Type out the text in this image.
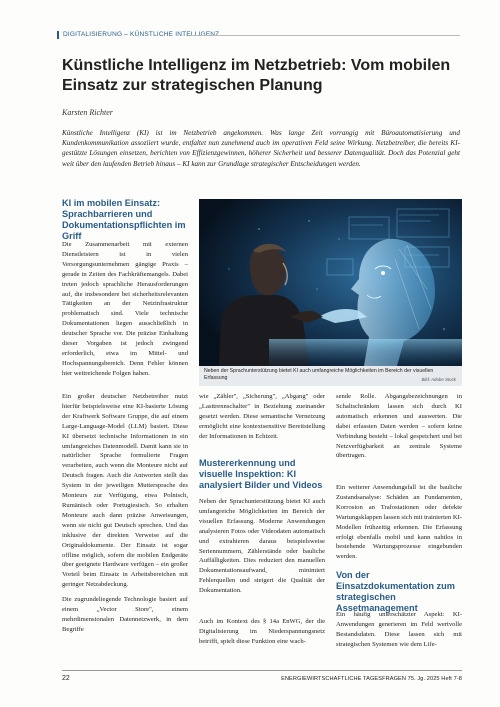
DIGITALISIERUNG – KÜNSTLICHE INTELLIGENZ
Künstliche Intelligenz im Netzbetrieb: Vom mobilen Einsatz zur strategischen Planung
Karsten Richter

Künstliche Intelligenz (KI) ist im Netzbetrieb angekommen. Was lange Zeit vorrangig mit Büroautomatisierung und Kundenkommunikation assoziiert wurde, entfaltet nun zunehmend auch im operativen Feld seine Wirkung. Netzbetreiber, die bereits KI-gestützte Lösungen einsetzen, berichten von Effizienzgewinnen, höherer Sicherheit und besserer Datenqualität. Doch das Potenzial geht weit über den laufenden Betrieb hinaus – KI kann zur Grundlage strategischer Entscheidungen werden.

KI im mobilen Einsatz: Sprachbarrieren und Dokumentationspflichten im Griff

Die Zusammenarbeit mit externen Dienstleistern ist in vielen Versorgungsunternehmen gängige Praxis – gerade in Zeiten des Fachkräftemangels. Dabei treten jedoch sprachliche Herausforderungen auf, die insbesondere bei sicherheitsrelevanten Tätigkeiten an der Netzinfrastruktur problematisch sind. Viele technische Dokumentationen liegen ausschließlich in deutscher Sprache vor. Die präzise Einhaltung dieser Vorgaben ist jedoch zwingend erforderlich, etwa im Mittel- und Hochspannungsbereich. Denn Fehler können hier weitreichende Folgen haben.

Ein großer deutscher Netzbetreiber nutzt hierfür beispielsweise eine KI-basierte Lösung der Kraftwerk Software Gruppe, die auf einem Large-Language-Model (LLM) basiert. Diese KI übersetzt technische Informationen in ein umfangreiches Datenmodell. Damit kann sie in natürlicher Sprache formulierte Fragen verarbeiten, auch wenn die Monteure nicht auf Deutsch fragen. Auch die Antworten stellt das System in der jeweiligen Muttersprache des Monteurs zur Verfügung, etwa Polnisch, Rumänisch oder Portugiesisch. So erhalten Monteure auch dann präzise Anweisungen, wenn sie nicht gut Deutsch sprechen. Und das inklusive der direkten Verweise auf die Originaldokumente. Der Einsatz ist sogar offline möglich, sofern die mobilen Endgeräte über geeignete Hardware verfügen – ein großer Vorteil beim Einsatz in Arbeitsbereichen mit geringer Netzabdeckung.

Die zugrundeliegende Technologie basiert auf einem „Vector Store", einem mehrdimensionalen Datennetzwerk, in dem Begriffe

Neben der Sprachunterstützung bietet KI auch umfangreiche Möglichkeiten im Bereich der visuellen Erfassung	Bild: Adobe Stock

wie „Zähler", „Sicherung", „Abgang" oder „Lasttrennschalter" in Beziehung zueinander gesetzt werden. Diese semantische Vernetzung ermöglicht eine kontextsensitive Bereitstellung der Informationen in Echtzeit.

Mustererkennung und visuelle Inspektion: KI analysiert Bilder und Videos

Neben der Sprachunterstützung bietet KI auch umfangreiche Möglichkeiten im Bereich der visuellen Erfassung. Moderne Anwendungen analysieren Fotos oder Videodaten automatisch und extrahieren daraus beispielsweise Seriennummern, Zählerstände oder bauliche Auffälligkeiten. Dies reduziert den manuellen Dokumentationsaufwand, minimiert Fehlerquellen und steigert die Qualität der Dokumentation.

Auch im Kontext des § 14a EnWG, der die Digitalisierung im Niederspannungsnetz betrifft, spielt diese Funktion eine wach-

sende Rolle. Abgangsbezeichnungen in Schaltschränken lassen sich durch KI automatisch erkennen und auswerten. Die dabei erfassten Daten werden – sofern keine Verbindung besteht – lokal gespeichert und bei Netzverfügbarkeit an zentrale Systeme übertragen.

Ein weiterer Anwendungsfall ist die bauliche Zustandsanalyse: Schäden an Fundamenten, Korrosion an Trafostationen oder defekte Wartungsklappen lassen sich mit trainierten KI-Modellen frühzeitig erkennen. Die Erfassung erfolgt ebenfalls mobil und kann nahtlos in bestehende Wartungsprozesse eingebunden werden.

Von der Einsatzdokumentation zum strategischen Assetmanagement

Ein häufig unterschätzter Aspekt: KI-Anwendungen generieren im Feld wertvolle Bestandsdaten. Diese lassen sich mit strategischen Systemen wie dem Life-

22	ENERGIEWIRTSCHAFTLICHE TAGESFRAGEN 75. Jg. 2025 Heft 7-8
